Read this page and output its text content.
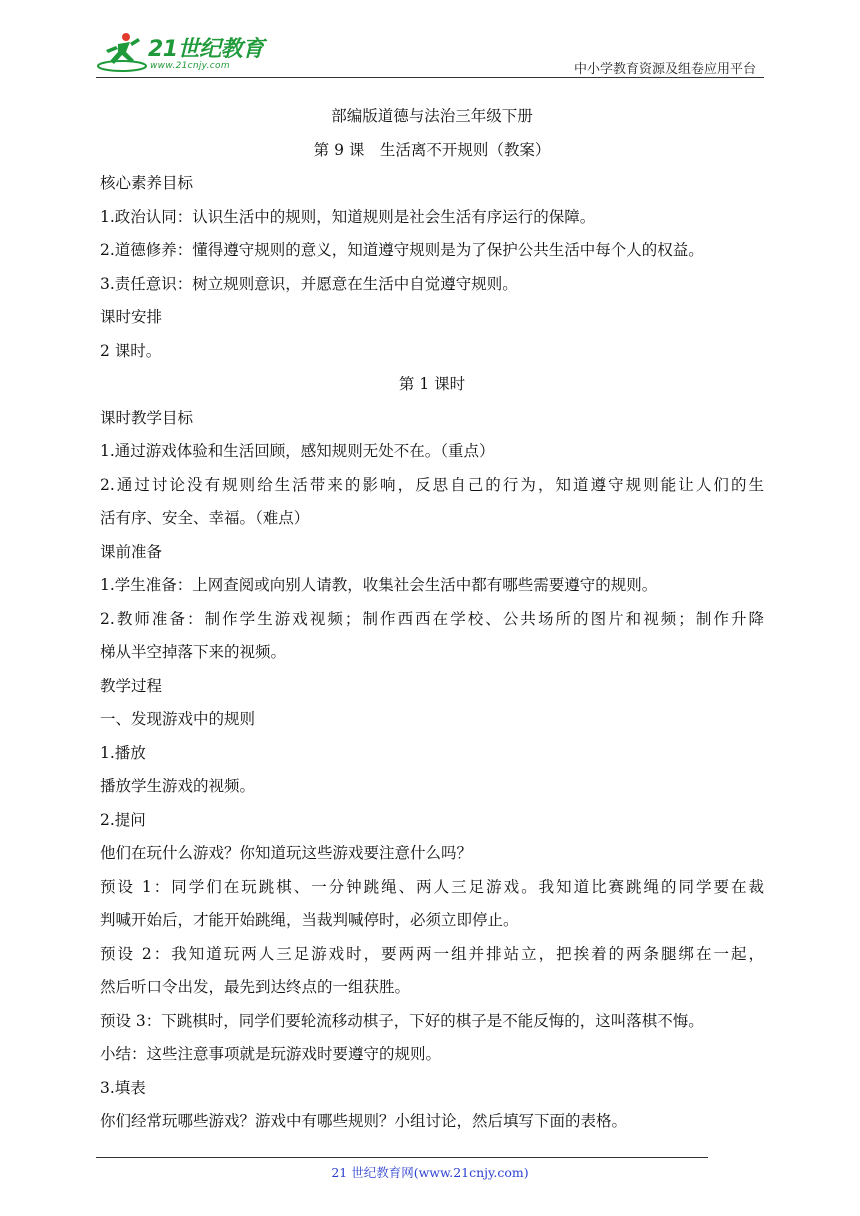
21世纪教育
www.21cnjy.com	中小学教育资源及组卷应用平台
部编版道德与法治三年级下册
第 9 课　生活离不开规则（教案）
核心素养目标
1.政治认同：认识生活中的规则，知道规则是社会生活有序运行的保障。
2.道德修养：懂得遵守规则的意义，知道遵守规则是为了保护公共生活中每个人的权益。
3.责任意识：树立规则意识，并愿意在生活中自觉遵守规则。
课时安排
2 课时。
第 1 课时
课时教学目标
1.通过游戏体验和生活回顾，感知规则无处不在。（重点）
2.通过讨论没有规则给生活带来的影响，反思自己的行为，知道遵守规则能让人们的生
活有序、安全、幸福。（难点）
课前准备
1.学生准备：上网查阅或向别人请教，收集社会生活中都有哪些需要遵守的规则。
2.教师准备：制作学生游戏视频；制作西西在学校、公共场所的图片和视频；制作升降
梯从半空掉落下来的视频。
教学过程
一、发现游戏中的规则
1.播放
播放学生游戏的视频。
2.提问
他们在玩什么游戏？你知道玩这些游戏要注意什么吗？
预设 1：同学们在玩跳棋、一分钟跳绳、两人三足游戏。我知道比赛跳绳的同学要在裁
判喊开始后，才能开始跳绳，当裁判喊停时，必须立即停止。
预设 2：我知道玩两人三足游戏时，要两两一组并排站立，把挨着的两条腿绑在一起，
然后听口令出发，最先到达终点的一组获胜。
预设 3：下跳棋时，同学们要轮流移动棋子，下好的棋子是不能反悔的，这叫落棋不悔。
小结：这些注意事项就是玩游戏时要遵守的规则。
3.填表
你们经常玩哪些游戏？游戏中有哪些规则？小组讨论，然后填写下面的表格。
21 世纪教育网(www.21cnjy.com)
